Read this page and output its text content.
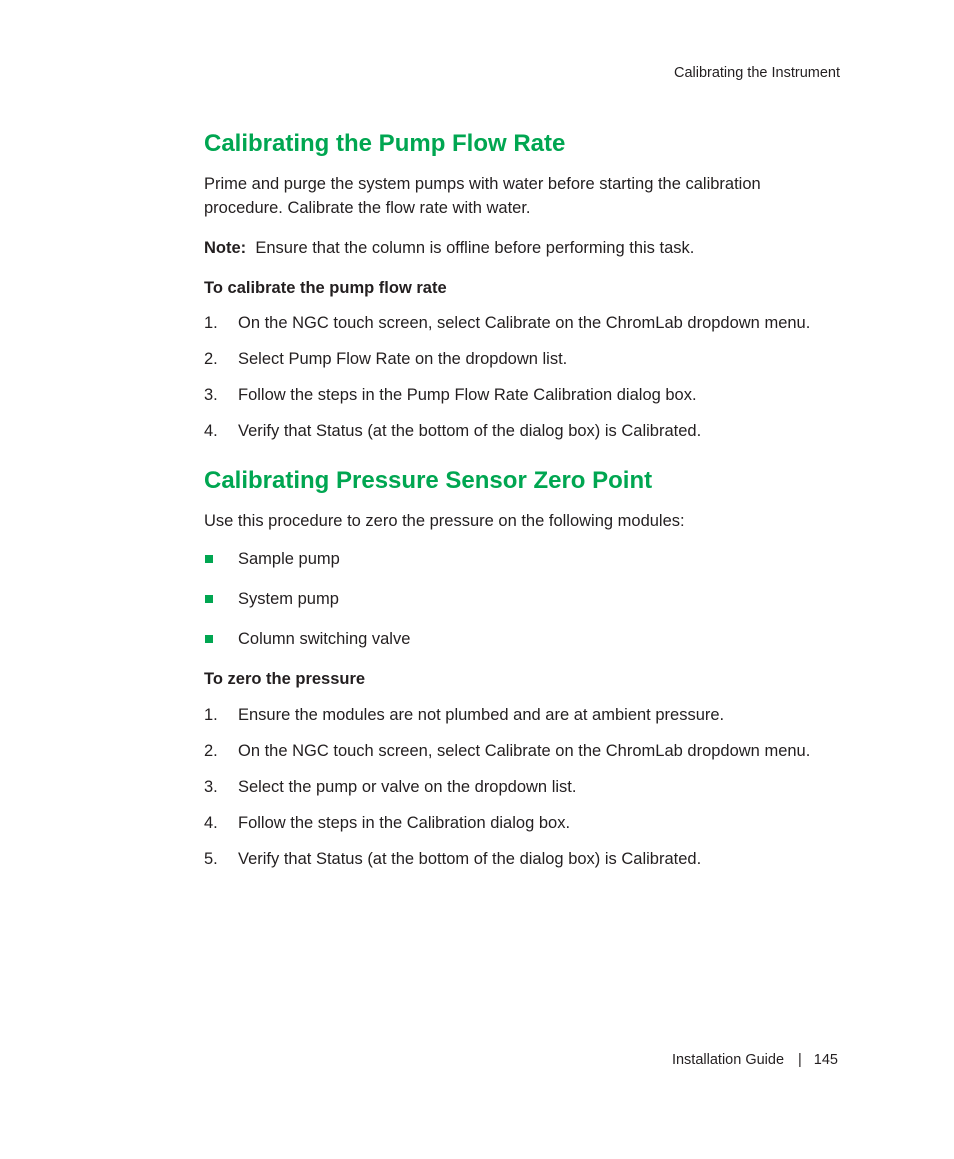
Calibrating the Instrument
Calibrating the Pump Flow Rate

Prime and purge the system pumps with water before starting the calibration procedure. Calibrate the flow rate with water.

Note: Ensure that the column is offline before performing this task.

To calibrate the pump flow rate
1. On the NGC touch screen, select Calibrate on the ChromLab dropdown menu.
2. Select Pump Flow Rate on the dropdown list.
3. Follow the steps in the Pump Flow Rate Calibration dialog box.
4. Verify that Status (at the bottom of the dialog box) is Calibrated.
Calibrating Pressure Sensor Zero Point

Use this procedure to zero the pressure on the following modules:

Sample pump
System pump
Column switching valve
To zero the pressure
1. Ensure the modules are not plumbed and are at ambient pressure.
2. On the NGC touch screen, select Calibrate on the ChromLab dropdown menu.
3. Select the pump or valve on the dropdown list.
4. Follow the steps in the Calibration dialog box.
5. Verify that Status (at the bottom of the dialog box) is Calibrated.
Installation Guide | 145
